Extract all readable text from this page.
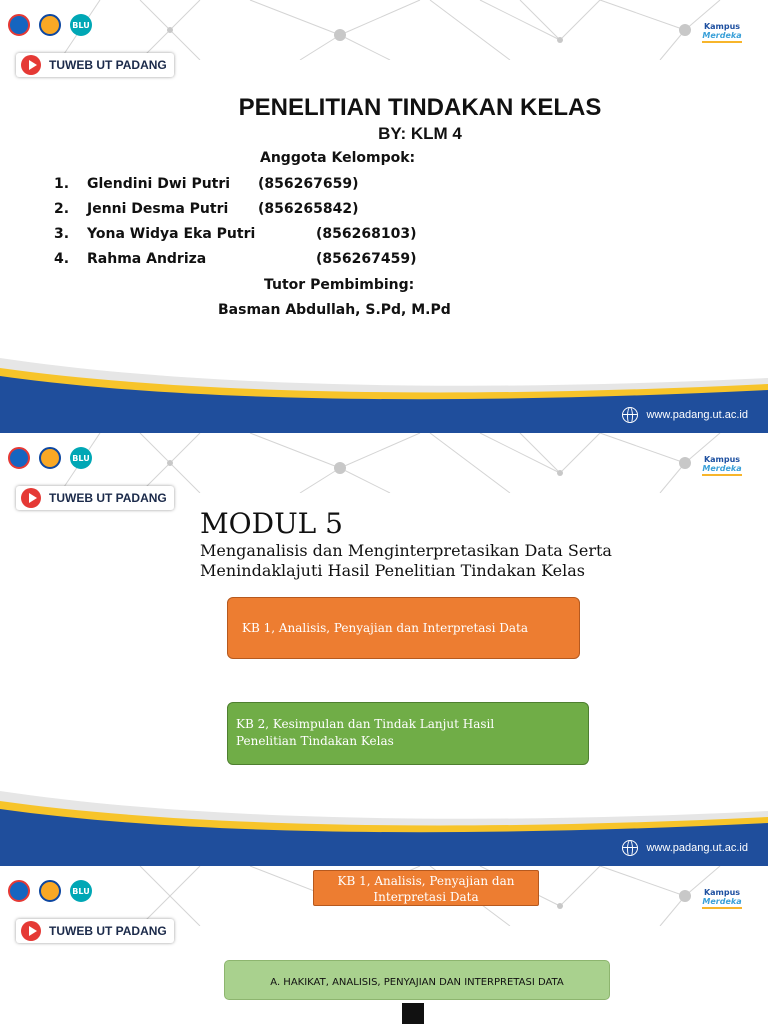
BLU	Kampus
Merdeka
TUWEB UT PADANG
PENELITIAN TINDAKAN KELAS
BY: KLM 4
Anggota Kelompok:
1. Glendini Dwi Putri (856267659)
2. Jenni Desma Putri (856265842)
3. Yona Widya Eka Putri	(856268103)
4. Rahma Andriza	(856267459)
Tutor Pembimbing:
Basman Abdullah, S.Pd, M.Pd
www.padang.ut.ac.id
BLU	Kampus
Merdeka
TUWEB UT PADANG
MODUL 5
Menganalisis dan Menginterpretasikan Data Serta
Menindaklajuti Hasil Penelitian Tindakan Kelas
KB 1, Analisis, Penyajian dan Interpretasi Data
KB 2, Kesimpulan dan Tindak Lanjut Hasil
Penelitian Tindakan Kelas
www.padang.ut.ac.id
BLU	Kampus
Merdeka
TUWEB UT PADANG
KB 1, Analisis, Penyajian dan
Interpretasi Data
A. HAKIKAT, ANALISIS, PENYAJIAN DAN INTERPRETASI DATA
